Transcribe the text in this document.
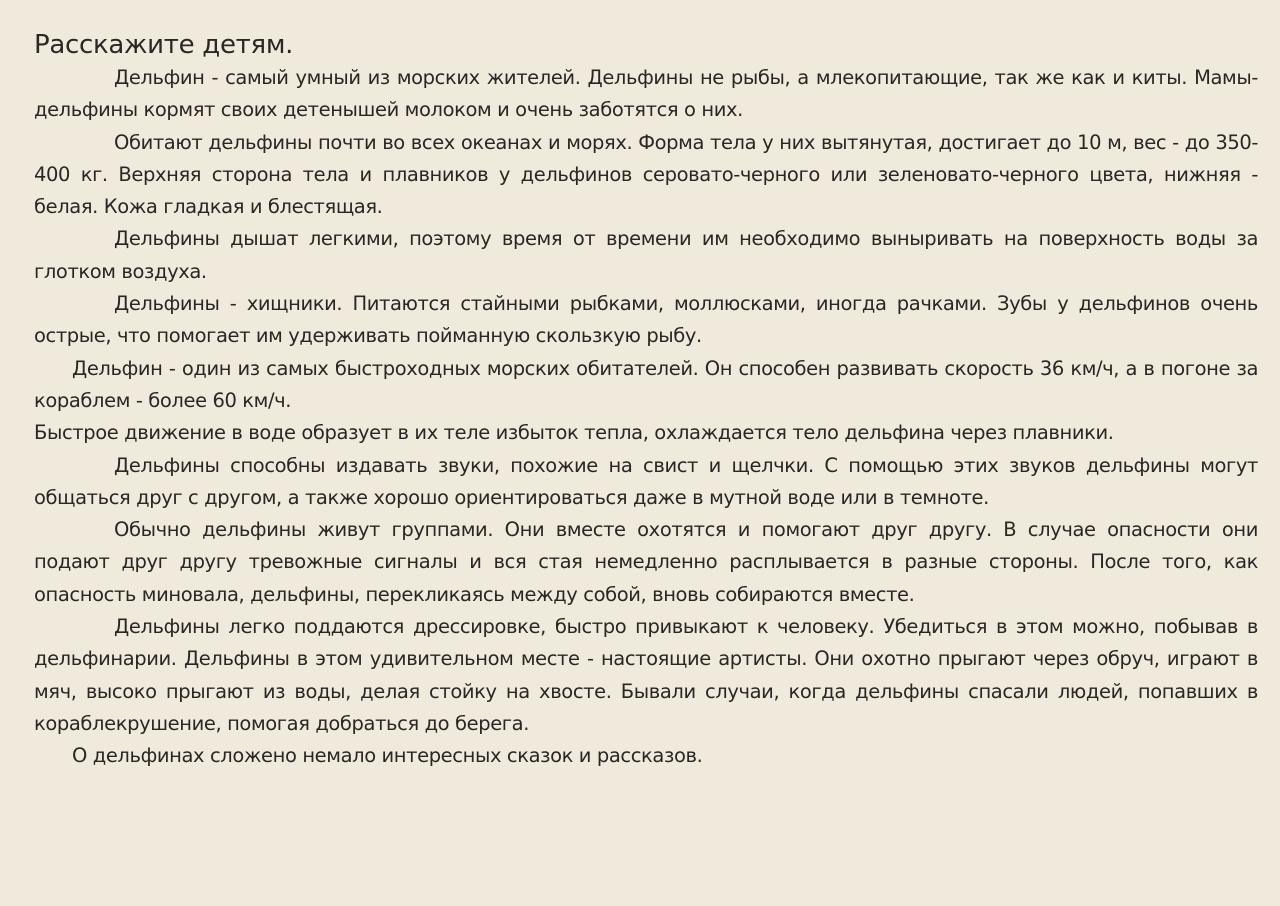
Расскажите детям.

Дельфин - самый умный из морских жителей. Дельфины не рыбы, а млекопитающие, так же как и киты. Мамы-дельфины кормят своих детенышей молоком и очень заботятся о них.

Обитают дельфины почти во всех океанах и морях. Форма тела у них вытянутая, достигает до 10 м, вес - до 350-400 кг. Верхняя сторона тела и плавников у дельфинов серовато-черного или зеленовато-черного цвета, нижняя - белая. Кожа гладкая и блестящая.

Дельфины дышат легкими, поэтому время от времени им необходимо выныривать на поверхность воды за глотком воздуха.

Дельфины - хищники. Питаются стайными рыбками, моллюсками, иногда рачками. Зубы у дельфинов очень острые, что помогает им удерживать пойманную скользкую рыбу.

Дельфин - один из самых быстроходных морских обитателей. Он способен развивать скорость 36 км/ч, а в погоне за кораблем - более 60 км/ч.

Быстрое движение в воде образует в их теле избыток тепла, охлаждается тело дельфина через плавники.

Дельфины способны издавать звуки, похожие на свист и щелчки. С помощью этих звуков дельфины могут общаться друг с другом, а также хорошо ориентироваться даже в мутной воде или в темноте.

Обычно дельфины живут группами. Они вместе охотятся и помогают друг другу. В случае опасности они подают друг другу тревожные сигналы и вся стая немедленно расплывается в разные стороны. После того, как опасность миновала, дельфины, перекликаясь между собой, вновь собираются вместе.

Дельфины легко поддаются дрессировке, быстро привыкают к человеку. Убедиться в этом можно, побывав в дельфинарии. Дельфины в этом удивительном месте - настоящие артисты. Они охотно прыгают через обруч, играют в мяч, высоко прыгают из воды, делая стойку на хвосте. Бывали случаи, когда дельфины спасали людей, попавших в кораблекрушение, помогая добраться до берега.

О дельфинах сложено немало интересных сказок и рассказов.
